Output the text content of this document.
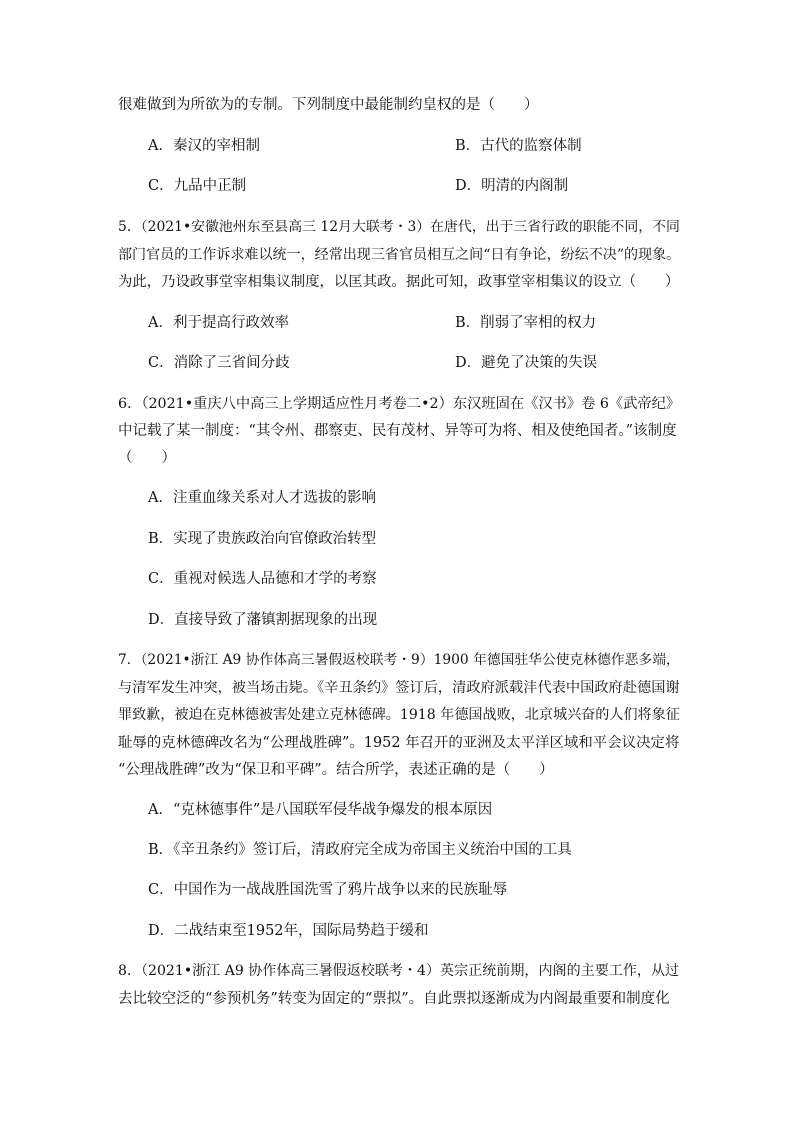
很难做到为所欲为的专制。下列制度中最能制约皇权的是（　　）
A．秦汉的宰相制	B．古代的监察体制
C．九品中正制	D．明清的内阁制
5．（2021•安徽池州东至县高三 12月大联考・3）在唐代，出于三省行政的职能不同，不同
部门官员的工作诉求难以统一，经常出现三省官员相互之间“日有争论，纷纭不决”的现象。
为此，乃设政事堂宰相集议制度，以匡其政。据此可知，政事堂宰相集议的设立（　　）
A．利于提高行政效率	B．削弱了宰相的权力
C．消除了三省间分歧	D．避免了决策的失误
6．（2021•重庆八中高三上学期适应性月考卷二•2）东汉班固在《汉书》卷 6《武帝纪》
中记载了某一制度：“其令州、郡察吏、民有茂材、异等可为将、相及使绝国者。”该制度
（　　）
A．注重血缘关系对人才选拔的影响
B．实现了贵族政治向官僚政治转型
C．重视对候选人品德和才学的考察
D．直接导致了藩镇割据现象的出现
7．（2021•浙江 A9 协作体高三暑假返校联考・9）1900 年德国驻华公使克林德作恶多端，
与清军发生冲突，被当场击毙。《辛丑条约》签订后，清政府派载沣代表中国政府赴德国谢
罪致歉，被迫在克林德被害处建立克林德碑。1918 年德国战败，北京城兴奋的人们将象征
耻辱的克林德碑改名为“公理战胜碑”。1952 年召开的亚洲及太平洋区域和平会议决定将
“公理战胜碑”改为“保卫和平碑”。结合所学，表述正确的是（　　）
A．“克林德事件”是八国联军侵华战争爆发的根本原因
B．《辛丑条约》签订后，清政府完全成为帝国主义统治中国的工具
C．中国作为一战战胜国洗雪了鸦片战争以来的民族耻辱
D．二战结束至1952年，国际局势趋于缓和
8．（2021•浙江 A9 协作体高三暑假返校联考・4）英宗正统前期，内阁的主要工作，从过
去比较空泛的“参预机务”转变为固定的“票拟”。自此票拟逐渐成为内阁最重要和制度化
